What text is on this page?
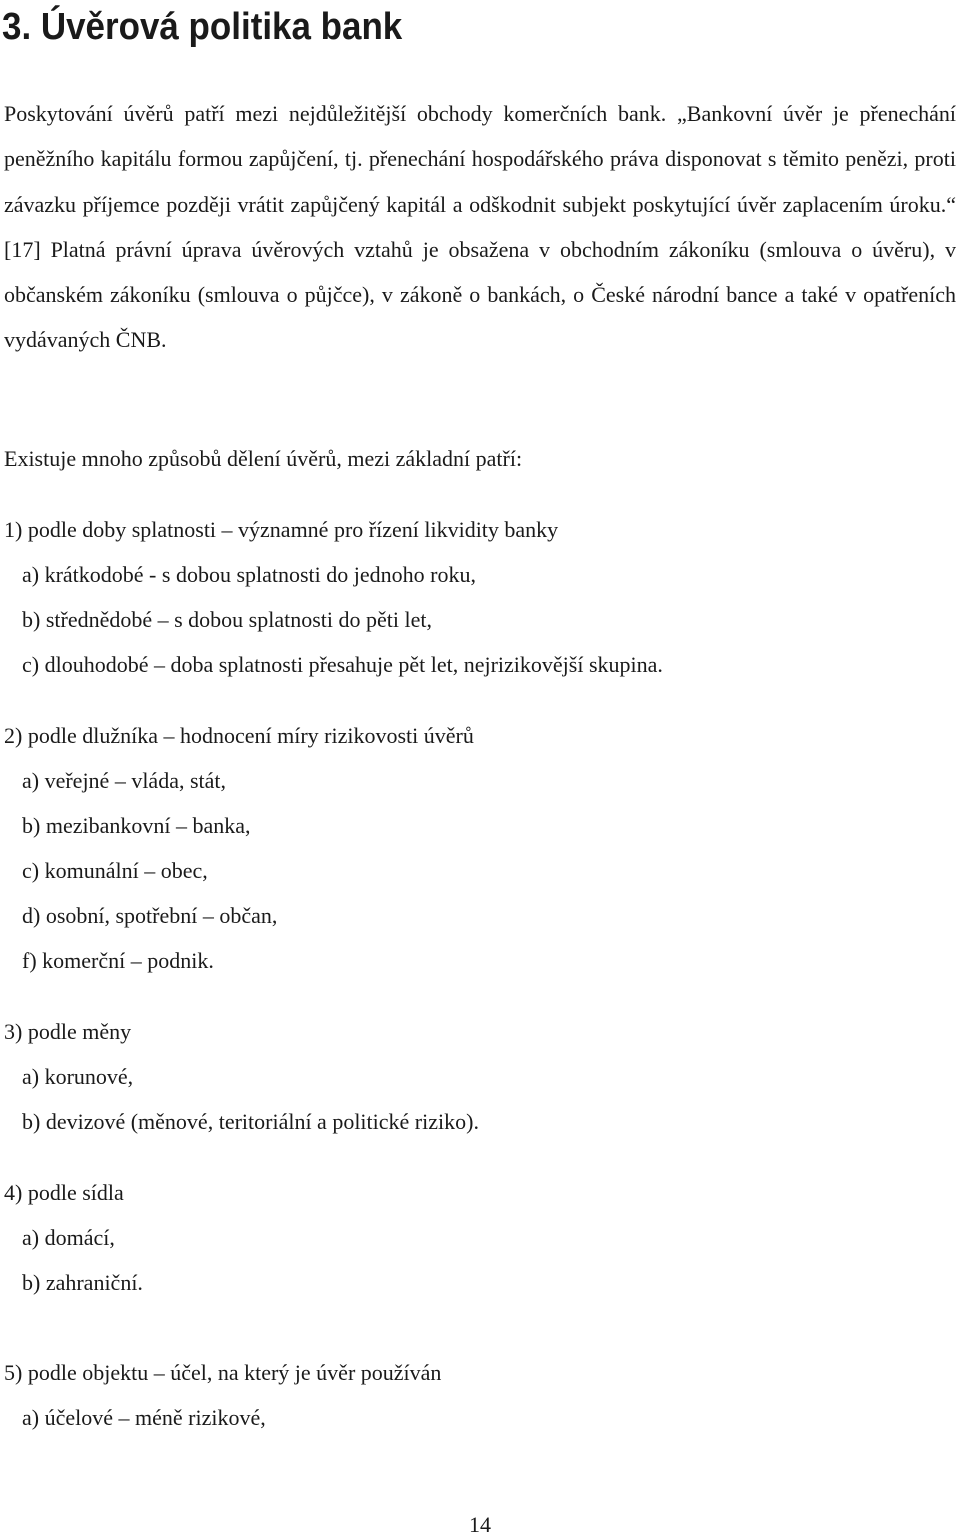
3. Úvěrová politika bank

Poskytování úvěrů patří mezi nejdůležitější obchody komerčních bank. „Bankovní úvěr je přenechání peněžního kapitálu formou zapůjčení, tj. přenechání hospodářského práva disponovat s těmito penězi, proti závazku příjemce později vrátit zapůjčený kapitál a odškodnit subjekt poskytující úvěr zaplacením úroku.“ [17] Platná právní úprava úvěrových vztahů je obsažena v obchodním zákoníku (smlouva o úvěru), v občanském zákoníku (smlouva o půjčce), v zákoně o bankách, o České národní bance a také v opatřeních vydávaných ČNB.

Existuje mnoho způsobů dělení úvěrů, mezi základní patří:

1) podle doby splatnosti – významné pro řízení likvidity banky

a) krátkodobé - s dobou splatnosti do jednoho roku,

b) střednědobé – s dobou splatnosti do pěti let,

c) dlouhodobé – doba splatnosti přesahuje pět let, nejrizikovější skupina.

2) podle dlužníka – hodnocení míry rizikovosti úvěrů

a) veřejné – vláda, stát,

b) mezibankovní – banka,

c) komunální – obec,

d) osobní, spotřební – občan,

f) komerční – podnik.

3) podle měny

a) korunové,

b) devizové (měnové, teritoriální a politické riziko).

4) podle sídla

a) domácí,

b) zahraniční.

5) podle objektu – účel, na který je úvěr používán

a) účelové – méně rizikové,

14
